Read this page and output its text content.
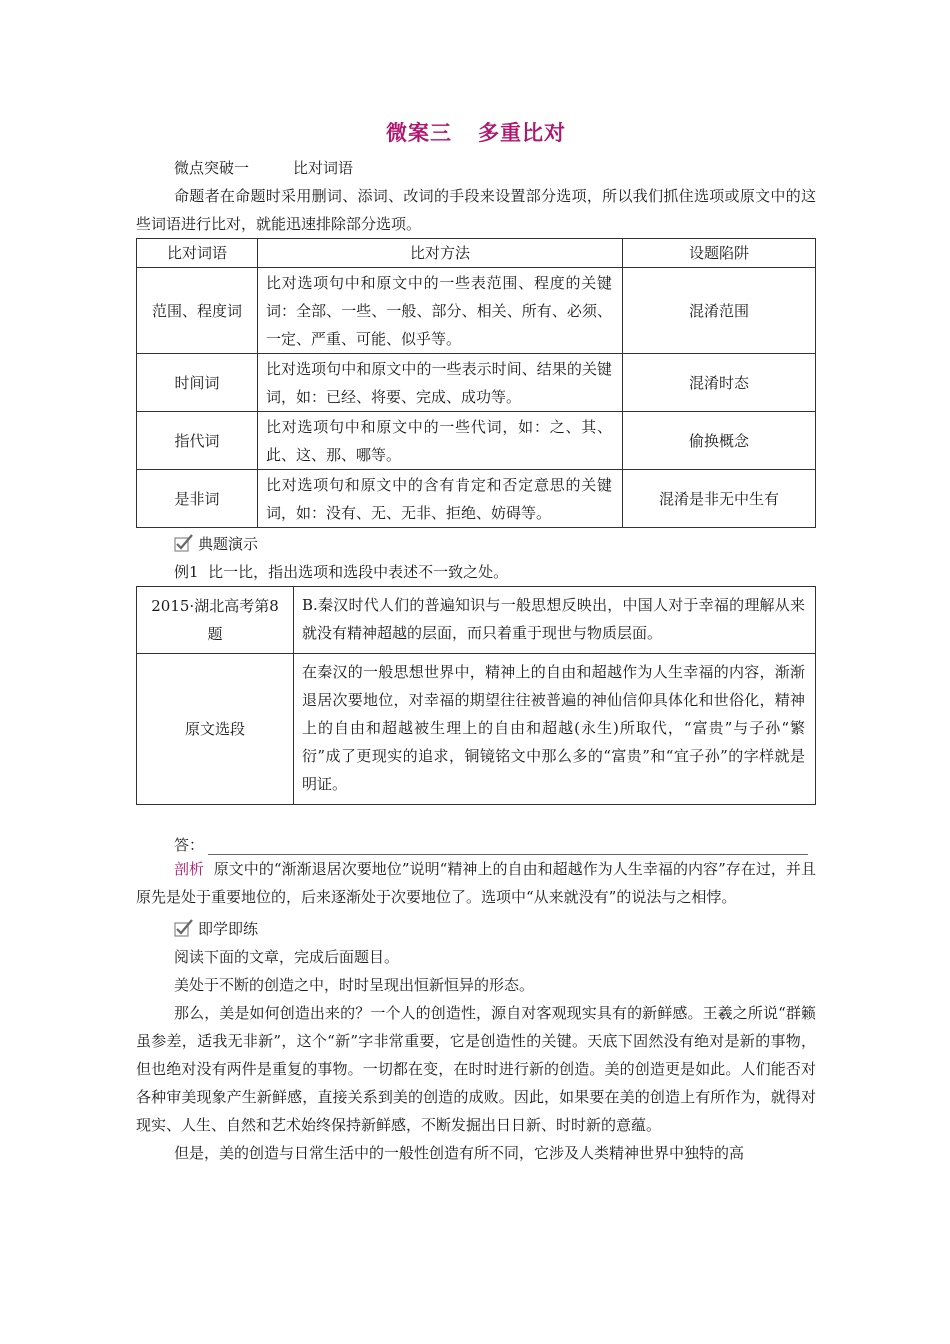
微案三 多重比对

微点突破一	比对词语

命题者在命题时采用删词、添词、改词的手段来设置部分选项，所以我们抓住选项或原文中的这些词语进行比对，就能迅速排除部分选项。

比对词语	比对方法	设题陷阱
范围、程度词	比对选项句中和原文中的一些表范围、程度的关键词：全部、一些、一般、部分、相关、所有、必须、一定、严重、可能、似乎等。	混淆范围
时间词	比对选项句中和原文中的一些表示时间、结果的关键词，如：已经、将要、完成、成功等。	混淆时态
指代词	比对选项句中和原文中的一些代词，如：之、其、此、这、那、哪等。	偷换概念
是非词	比对选项句和原文中的含有肯定和否定意思的关键词，如：没有、无、无非、拒绝、妨碍等。	混淆是非无中生有

典题演示

例1 比一比，指出选项和选段中表述不一致之处。

2015·湖北高考第8题	B.秦汉时代人们的普遍知识与一般思想反映出，中国人对于幸福的理解从来就没有精神超越的层面，而只着重于现世与物质层面。
原文选段	在秦汉的一般思想世界中，精神上的自由和超越作为人生幸福的内容，渐渐退居次要地位，对幸福的期望往往被普遍的神仙信仰具体化和世俗化，精神上的自由和超越被生理上的自由和超越(永生)所取代，“富贵”与子孙“繁衍”成了更现实的追求，铜镜铭文中那么多的“富贵”和“宜子孙”的字样就是明证。
答：

剖析 原文中的“渐渐退居次要地位”说明“精神上的自由和超越作为人生幸福的内容”存在过，并且原先是处于重要地位的，后来逐渐处于次要地位了。选项中“从来就没有”的说法与之相悖。

即学即练

阅读下面的文章，完成后面题目。

美处于不断的创造之中，时时呈现出恒新恒异的形态。

那么，美是如何创造出来的？一个人的创造性，源自对客观现实具有的新鲜感。王羲之所说“群籁虽参差，适我无非新”，这个“新”字非常重要，它是创造性的关键。天底下固然没有绝对是新的事物，但也绝对没有两件是重复的事物。一切都在变，在时时进行新的创造。美的创造更是如此。人们能否对各种审美现象产生新鲜感，直接关系到美的创造的成败。因此，如果要在美的创造上有所作为，就得对现实、人生、自然和艺术始终保持新鲜感，不断发掘出日日新、时时新的意蕴。

但是，美的创造与日常生活中的一般性创造有所不同，它涉及人类精神世界中独特的高
